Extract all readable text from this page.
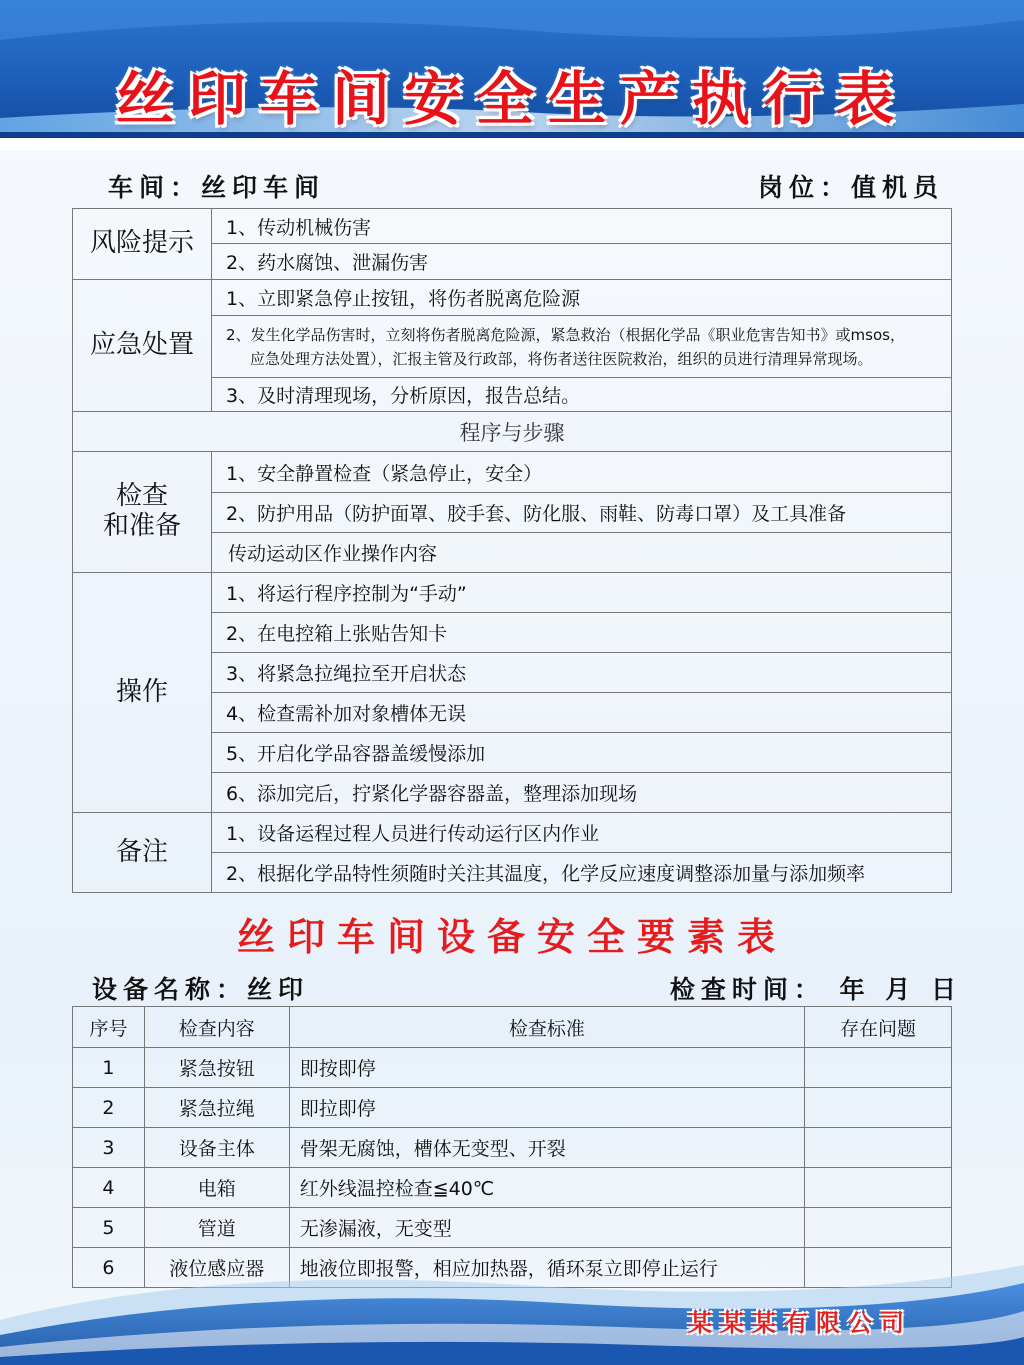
丝印车间安全生产执行表
车间：丝印车间	岗位：值机员
风险提示	1、传动机械伤害
	2、药水腐蚀、泄漏伤害
应急处置	1、立即紧急停止按钮，将伤者脱离危险源

	2、发生化学品伤害时，立刻将伤者脱离危险源，紧急救治（根据化学品《职业危害告知书》或msos，
应急处理方法处置），汇报主管及行政部，将伤者送往医院救治，组织的员进行清理异常现场。

	3、及时清理现场，分析原因，报告总结。
程序与步骤	

检查
和准备	1、安全静置检查（紧急停止，安全）
	2、防护用品（防护面罩、胶手套、防化服、雨鞋、防毒口罩）及工具准备
	传动运动区作业操作内容
操作	1、将运行程序控制为“手动”
	2、在电控箱上张贴告知卡
	3、将紧急拉绳拉至开启状态
	4、检查需补加对象槽体无误
	5、开启化学品容器盖缓慢添加
	6、添加完后，拧紧化学器容器盖，整理添加现场
备注	1、设备运程过程人员进行传动运行区内作业
	2、根据化学品特性须随时关注其温度，化学反应速度调整添加量与添加频率
丝印车间设备安全要素表
设备名称：丝印	检查时间： 年 月 日
序号	检查内容	检查标准	存在问题
1	紧急按钮	即按即停	
2	紧急拉绳	即拉即停	
3	设备主体	骨架无腐蚀，槽体无变型、开裂	
4	电箱	红外线温控检查≦40℃	
5	管道	无渗漏液，无变型	
6	液位感应器	地液位即报警，相应加热器，循环泵立即停止运行	
某某某有限公司
